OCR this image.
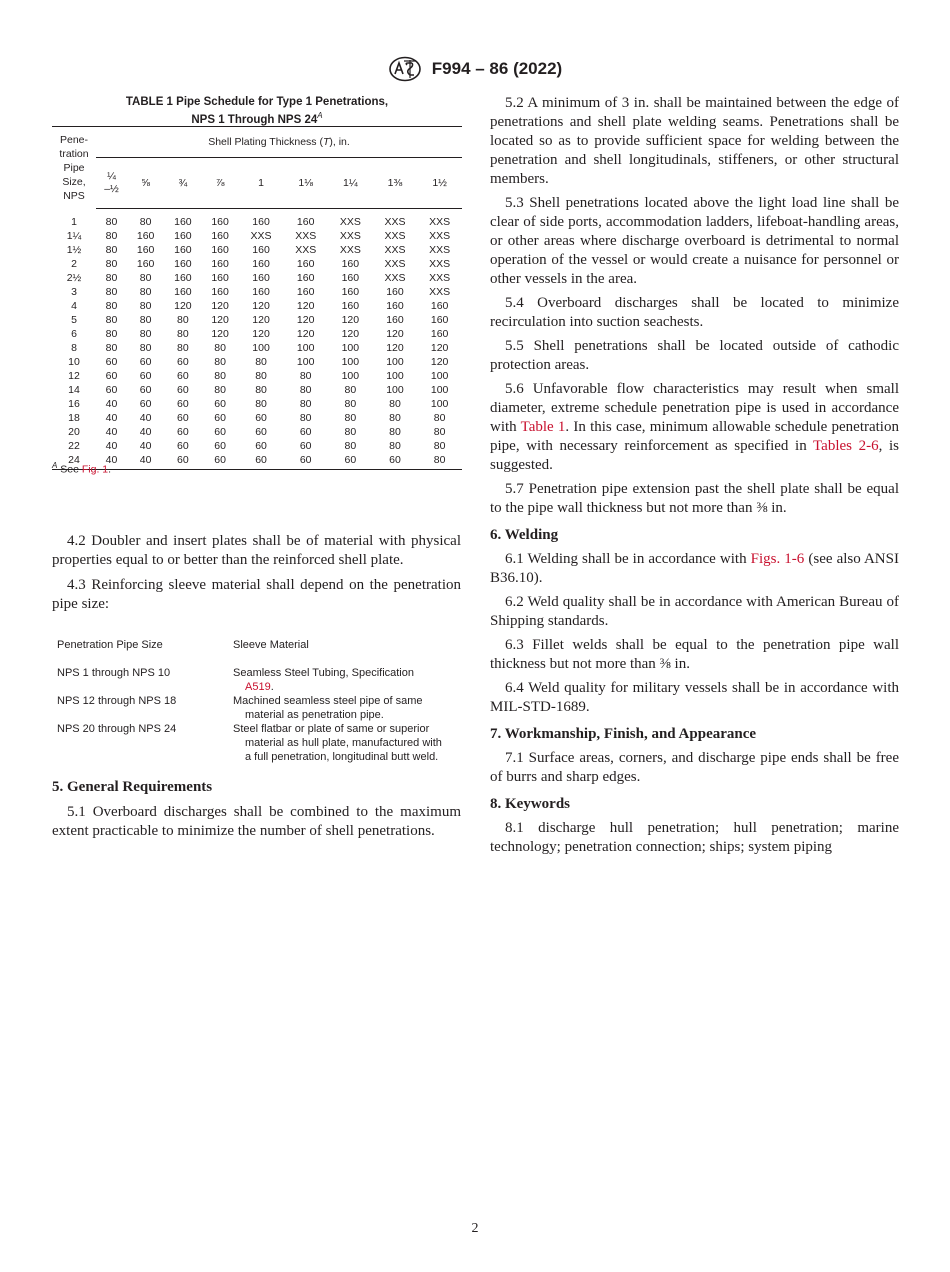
F994 – 86 (2022)
TABLE 1 Pipe Schedule for Type 1 Penetrations,
NPS 1 Through NPS $24^A$
Pene-
tration
Pipe
Size,
NPS	Shell Plating Thickness (T), in.								

	¼
–½	⅝	¾	⅞	1	1⅛	1¼	1⅜	1½
1	80	80	160	160	160	160	XXS	XXS	XXS
1¼	80	160	160	160	XXS	XXS	XXS	XXS	XXS
1½	80	160	160	160	160	XXS	XXS	XXS	XXS
2	80	160	160	160	160	160	160	XXS	XXS
2½	80	80	160	160	160	160	160	XXS	XXS
3	80	80	160	160	160	160	160	160	XXS
4	80	80	120	120	120	120	160	160	160
5	80	80	80	120	120	120	120	160	160
6	80	80	80	120	120	120	120	120	160
8	80	80	80	80	100	100	100	120	120
10	60	60	60	80	80	100	100	100	120
12	60	60	60	80	80	80	100	100	100
14	60	60	60	80	80	80	80	100	100
16	40	60	60	60	80	80	80	80	100
18	40	40	60	60	60	80	80	80	80
20	40	40	60	60	60	60	80	80	80
22	40	40	60	60	60	60	80	80	80
24	40	40	60	60	60	60	60	60	80
$^A$ See Fig. 1.

4.2 Doubler and insert plates shall be of material with physical properties equal to or better than the reinforced shell plate.

4.3 Reinforcing sleeve material shall depend on the penetration pipe size:

Penetration Pipe Size	Sleeve Material
NPS 1 through NPS 10	Seamless Steel Tubing, Specification
A519.
NPS 12 through NPS 18	Machined seamless steel pipe of same
material as penetration pipe.
NPS 20 through NPS 24	Steel flatbar or plate of same or superior
material as hull plate, manufactured with
a full penetration, longitudinal butt weld.

5. General Requirements

5.1 Overboard discharges shall be combined to the maximum extent practicable to minimize the number of shell penetrations.

5.2 A minimum of 3 in. shall be maintained between the edge of penetrations and shell plate welding seams. Penetrations shall be located so as to provide sufficient space for welding between the penetration and shell longitudinals, stiffeners, or other structural members.

5.3 Shell penetrations located above the light load line shall be clear of side ports, accommodation ladders, lifeboat-handling areas, or other areas where discharge overboard is detrimental to normal operation of the vessel or would create a nuisance for personnel or other vessels in the area.

5.4 Overboard discharges shall be located to minimize recirculation into suction seachests.

5.5 Shell penetrations shall be located outside of cathodic protection areas.

5.6 Unfavorable flow characteristics may result when small diameter, extreme schedule penetration pipe is used in accordance with Table 1. In this case, minimum allowable schedule penetration pipe, with necessary reinforcement as specified in Tables 2-6, is suggested.

5.7 Penetration pipe extension past the shell plate shall be equal to the pipe wall thickness but not more than ⅜ in.

6. Welding

6.1 Welding shall be in accordance with Figs. 1-6 (see also ANSI B36.10).

6.2 Weld quality shall be in accordance with American Bureau of Shipping standards.

6.3 Fillet welds shall be equal to the penetration pipe wall thickness but not more than ⅜ in.

6.4 Weld quality for military vessels shall be in accordance with MIL-STD-1689.

7. Workmanship, Finish, and Appearance

7.1 Surface areas, corners, and discharge pipe ends shall be free of burrs and sharp edges.

8. Keywords

8.1 discharge hull penetration; hull penetration; marine technology; penetration connection; ships; system piping

2
